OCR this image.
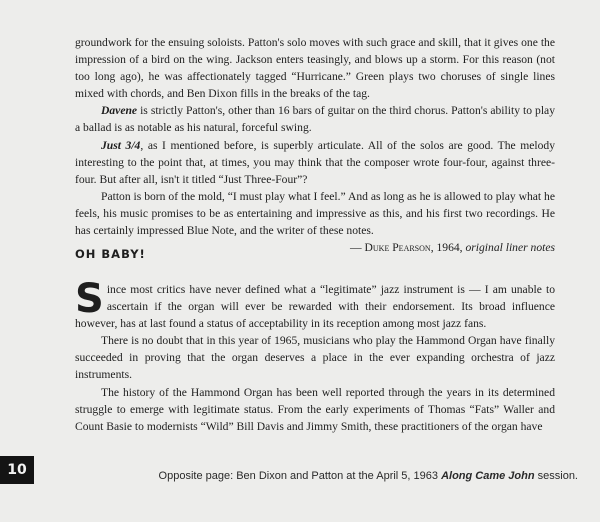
groundwork for the ensuing soloists. Patton's solo moves with such grace and skill, that it gives one the impression of a bird on the wing. Jackson enters teasingly, and blows up a storm. For this reason (not too long ago), he was affectionately tagged “Hurricane.” Green plays two choruses of single lines mixed with chords, and Ben Dixon fills in the breaks of the tag.

Davene is strictly Patton's, other than 16 bars of guitar on the third chorus. Patton's ability to play a ballad is as notable as his natural, forceful swing.

Just 3/4, as I mentioned before, is superbly articulate. All of the solos are good. The melody interesting to the point that, at times, you may think that the composer wrote four-four, against three-four. But after all, isn't it titled “Just Three-Four”?

Patton is born of the mold, “I must play what I feel.” And as long as he is allowed to play what he feels, his music promises to be as entertaining and impressive as this, and his first two recordings. He has certainly impressed Blue Note, and the writer of these notes.

— Duke Pearson, 1964, original liner notes

OH BABY!

Since most critics have never defined what a “legitimate” jazz instrument is — I am unable to ascertain if the organ will ever be rewarded with their endorsement. Its broad influence however, has at last found a status of acceptability in its reception among most jazz fans.

There is no doubt that in this year of 1965, musicians who play the Hammond Organ have finally succeeded in proving that the organ deserves a place in the ever expanding orchestra of jazz instruments.

The history of the Hammond Organ has been well reported through the years in its determined struggle to emerge with legitimate status. From the early experiments of Thomas “Fats” Waller and Count Basie to modernists “Wild” Bill Davis and Jimmy Smith, these practitioners of the organ have

10	Opposite page: Ben Dixon and Patton at the April 5, 1963 Along Came John session.
